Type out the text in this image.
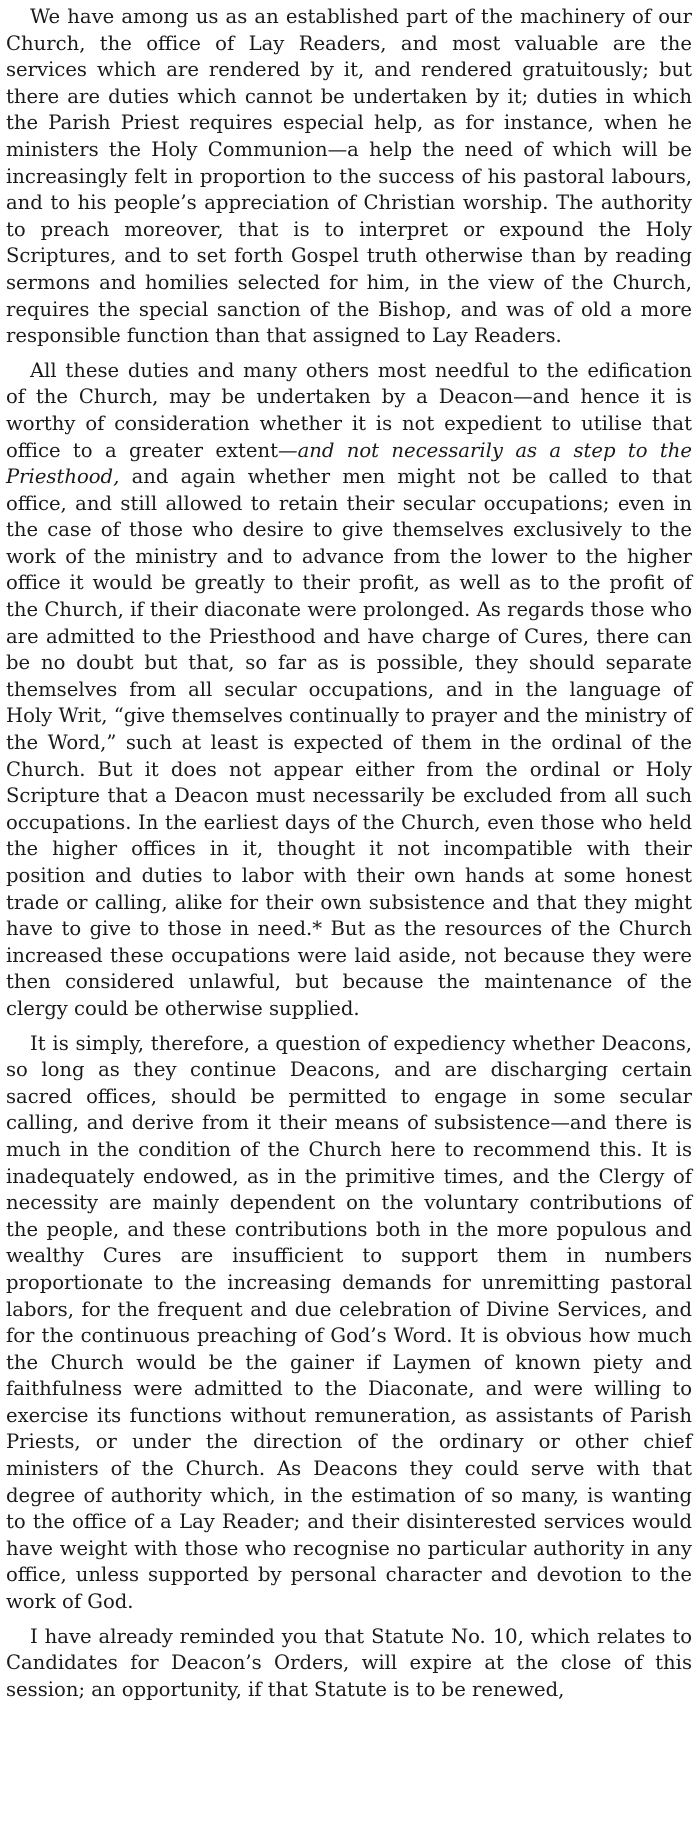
We have among us as an established part of the machinery of our Church, the office of Lay Readers, and most valuable are the services which are rendered by it, and rendered gratuitously; but there are duties which cannot be undertaken by it; duties in which the Parish Priest requires especial help, as for instance, when he ministers the Holy Communion—a help the need of which will be increasingly felt in proportion to the success of his pastoral labours, and to his people’s appreciation of Christian worship. The authority to preach moreover, that is to interpret or expound the Holy Scriptures, and to set forth Gospel truth otherwise than by reading sermons and homilies selected for him, in the view of the Church, requires the special sanction of the Bishop, and was of old a more responsible function than that assigned to Lay Readers.

All these duties and many others most needful to the edification of the Church, may be undertaken by a Deacon—and hence it is worthy of consideration whether it is not expedient to utilise that office to a greater extent—and not necessarily as a step to the Priesthood, and again whether men might not be called to that office, and still allowed to retain their secular occupations; even in the case of those who desire to give themselves exclusively to the work of the ministry and to advance from the lower to the higher office it would be greatly to their profit, as well as to the profit of the Church, if their diaconate were prolonged. As regards those who are admitted to the Priesthood and have charge of Cures, there can be no doubt but that, so far as is possible, they should separate themselves from all secular occupations, and in the language of Holy Writ, “give themselves continually to prayer and the ministry of the Word,” such at least is expected of them in the ordinal of the Church. But it does not appear either from the ordinal or Holy Scripture that a Deacon must necessarily be excluded from all such occupations. In the earliest days of the Church, even those who held the higher offices in it, thought it not incompatible with their position and duties to labor with their own hands at some honest trade or calling, alike for their own subsistence and that they might have to give to those in need.* But as the resources of the Church increased these occupations were laid aside, not because they were then considered unlawful, but because the maintenance of the clergy could be otherwise supplied.

It is simply, therefore, a question of expediency whether Deacons, so long as they continue Deacons, and are discharging certain sacred offices, should be permitted to engage in some secular calling, and derive from it their means of subsistence—and there is much in the condition of the Church here to recommend this. It is inadequately endowed, as in the primitive times, and the Clergy of necessity are mainly dependent on the voluntary contributions of the people, and these contributions both in the more populous and wealthy Cures are insufficient to support them in numbers proportionate to the increasing demands for unremitting pastoral labors, for the frequent and due celebration of Divine Services, and for the continuous preaching of God’s Word. It is obvious how much the Church would be the gainer if Laymen of known piety and faithfulness were admitted to the Diaconate, and were willing to exercise its functions without remuneration, as assistants of Parish Priests, or under the direction of the ordinary or other chief ministers of the Church. As Deacons they could serve with that degree of authority which, in the estimation of so many, is wanting to the office of a Lay Reader; and their disinterested services would have weight with those who recognise no particular authority in any office, unless supported by personal character and devotion to the work of God.

I have already reminded you that Statute No. 10, which relates to Candidates for Deacon’s Orders, will expire at the close of this session; an opportunity, if that Statute is to be renewed,
